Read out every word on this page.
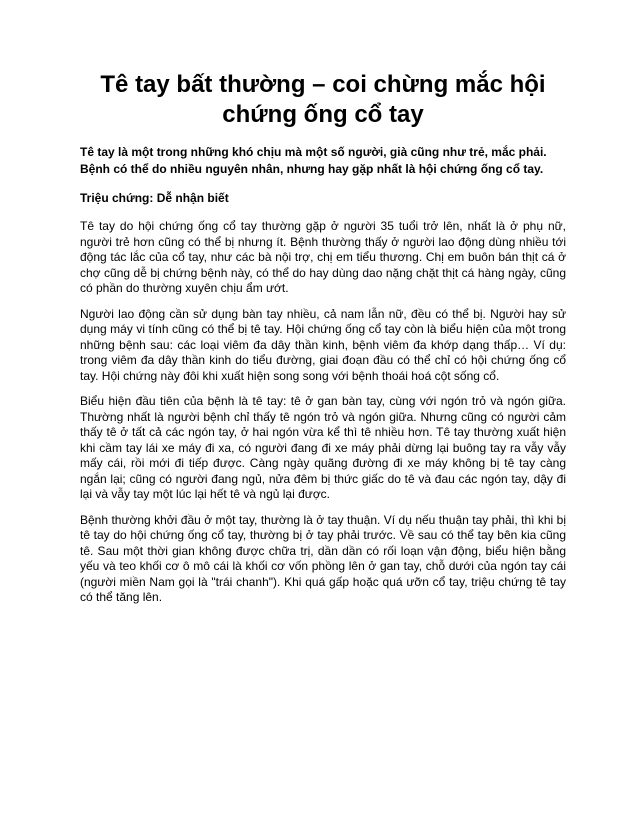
Tê tay bất thường – coi chừng mắc hội chứng ống cổ tay

Tê tay là một trong những khó chịu mà một số người, già cũng như trẻ, mắc phải. Bệnh có thể do nhiều nguyên nhân, nhưng hay gặp nhất là hội chứng ống cổ tay.

Triệu chứng: Dễ nhận biết

Tê tay do hội chứng ống cổ tay thường gặp ở người 35 tuổi trở lên, nhất là ở phụ nữ, người trẻ hơn cũng có thể bị nhưng ít. Bệnh thường thấy ở người lao động dùng nhiều tới động tác lắc của cổ tay, như các bà nội trợ, chị em tiểu thương. Chị em buôn bán thịt cá ở chợ cũng dễ bị chứng bệnh này, có thể do hay dùng dao nặng chặt thịt cá hàng ngày, cũng có phần do thường xuyên chịu ẩm ướt.

Người lao động cần sử dụng bàn tay nhiều, cả nam lẫn nữ, đều có thể bị. Người hay sử dụng máy vi tính cũng có thể bị tê tay. Hội chứng ống cổ tay còn là biểu hiện của một trong những bệnh sau: các loại viêm đa dây thần kinh, bệnh viêm đa khớp dạng thấp… Ví dụ: trong viêm đa dây thần kinh do tiểu đường, giai đoạn đầu có thể chỉ có hội chứng ống cổ tay. Hội chứng này đôi khi xuất hiện song song với bệnh thoái hoá cột sống cổ.

Biểu hiện đầu tiên của bệnh là tê tay: tê ở gan bàn tay, cùng với ngón trỏ và ngón giữa. Thường nhất là người bệnh chỉ thấy tê ngón trỏ và ngón giữa. Nhưng cũng có người cảm thấy tê ở tất cả các ngón tay, ở hai ngón vừa kể thì tê nhiều hơn. Tê tay thường xuất hiện khi cầm tay lái xe máy đi xa, có người đang đi xe máy phải dừng lại buông tay ra vẫy vẫy mấy cái, rồi mới đi tiếp được. Càng ngày quãng đường đi xe máy không bị tê tay càng ngắn lại; cũng có người đang ngủ, nửa đêm bị thức giấc do tê và đau các ngón tay, dậy đi lại và vẫy tay một lúc lại hết tê và ngủ lại được.

Bệnh thường khởi đầu ở một tay, thường là ở tay thuận. Ví dụ nếu thuận tay phải, thì khi bị tê tay do hội chứng ống cổ tay, thường bị ở tay phải trước. Về sau có thể tay bên kia cũng tê. Sau một thời gian không được chữa trị, dần dần có rối loạn vận động, biểu hiện bằng yếu và teo khối cơ ô mô cái là khối cơ vốn phồng lên ở gan tay, chỗ dưới của ngón tay cái (người miền Nam gọi là "trái chanh"). Khi quá gấp hoặc quá ưỡn cổ tay, triệu chứng tê tay có thể tăng lên.
